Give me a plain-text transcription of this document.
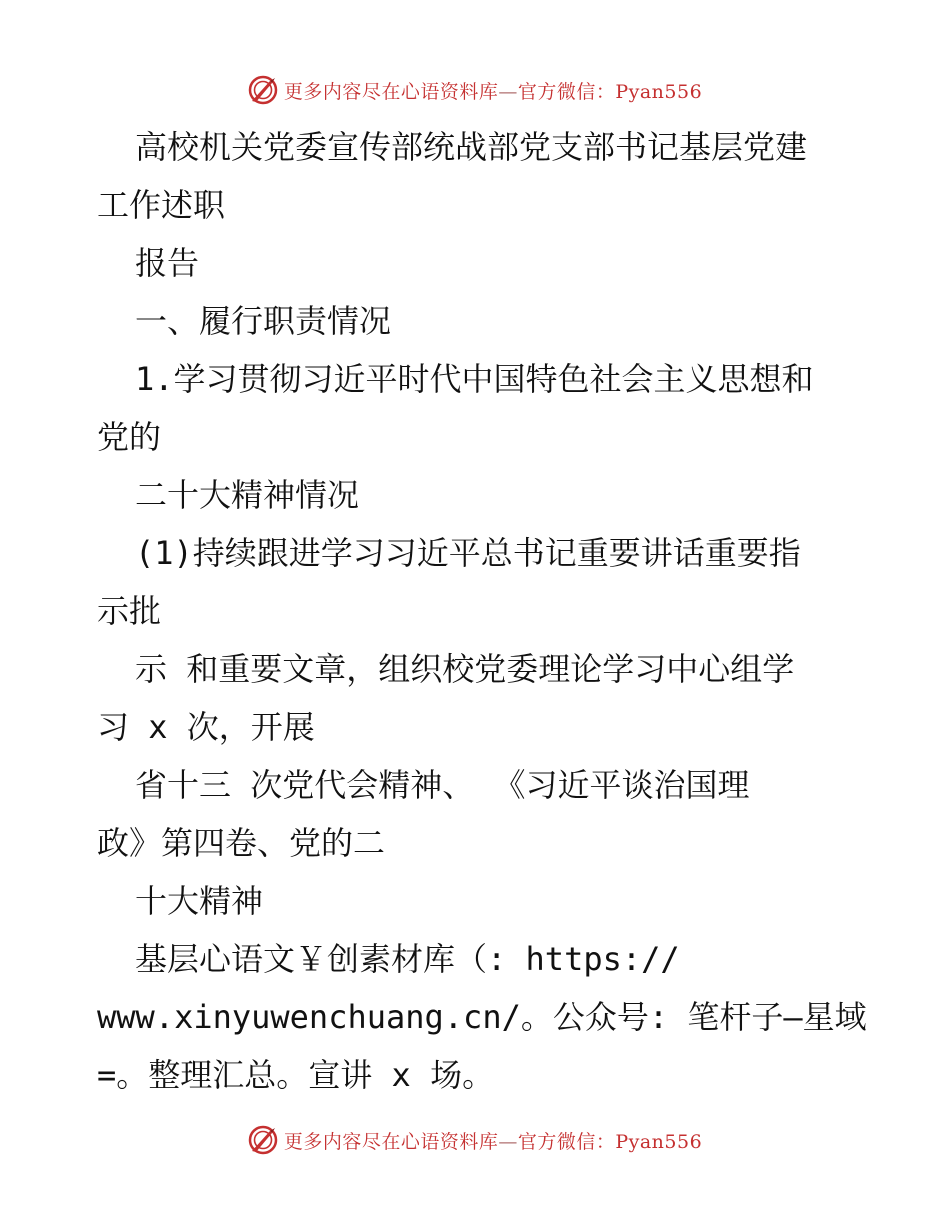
更多内容尽在心语资料库—官方微信：Pyan556
高校机关党委宣传部统战部党支部书记基层党建
工作述职
报告
一、履行职责情况
1.学习贯彻习近平时代中国特色社会主义思想和
党的
二十大精神情况
(1)持续跟进学习习近平总书记重要讲话重要指
示批
示 和重要文章，组织校党委理论学习中心组学
习 x 次，开展
省十三 次党代会精神、 《习近平谈治国理
政》第四卷、党的二
十大精神
基层心语文￥创素材库（: https://
www.xinyuwenchuang.cn/。公众号: 笔杆子—星域
=。整理汇总。宣讲 x 场。
更多内容尽在心语资料库—官方微信：Pyan556
